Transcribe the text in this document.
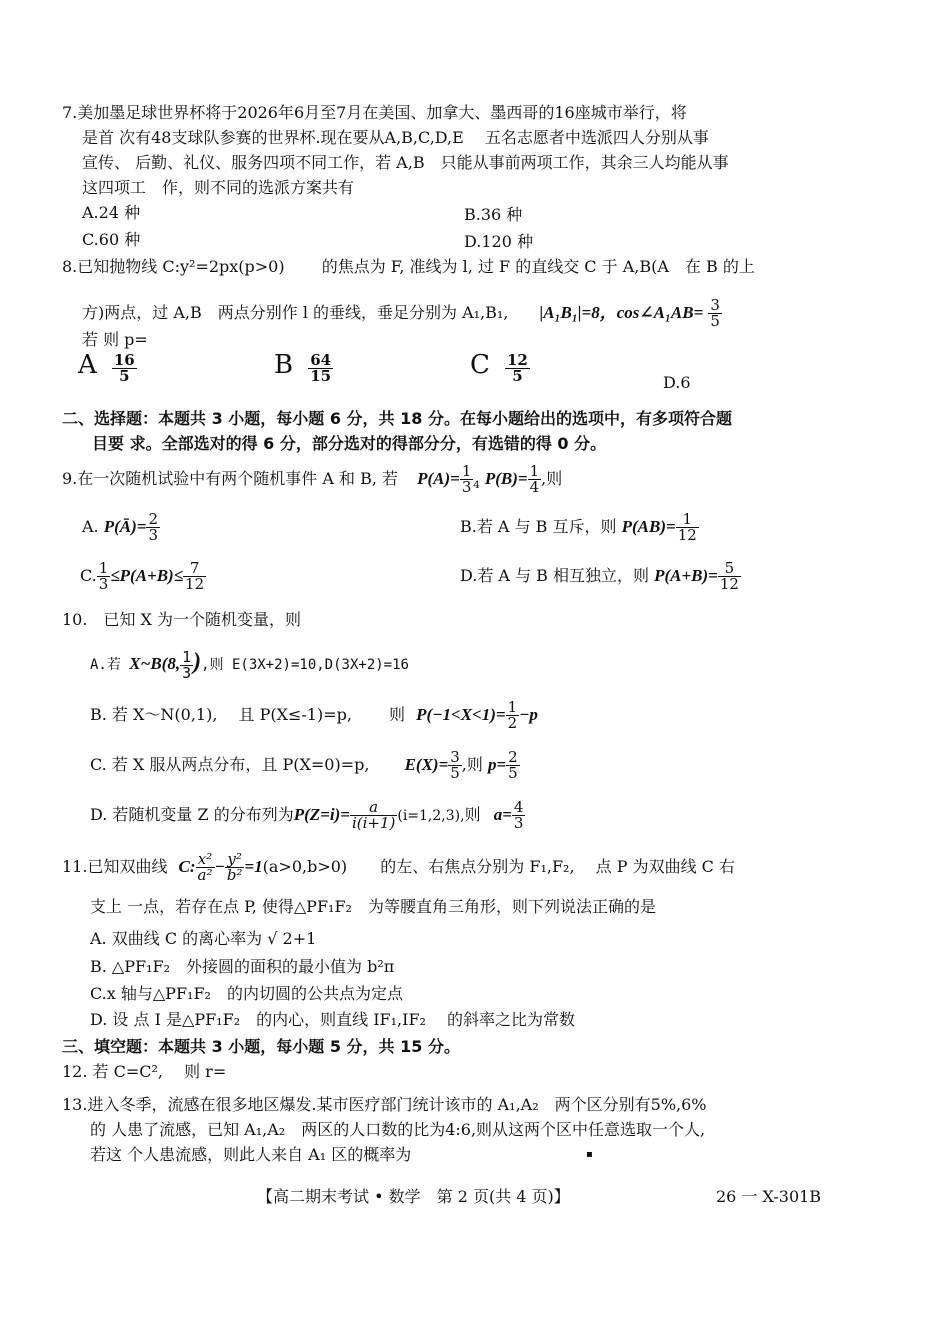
7.美加墨足球世界杯将于2026年6月至7月在美国、加拿大、墨西哥的16座城市举行，将
是首 次有48支球队参赛的世界杯.现在要从A,B,C,D,E　 五名志愿者中选派四人分别从事
宣传、 后勤、礼仪、服务四项不同工作，若 A,B　只能从事前两项工作，其余三人均能从事
这四项工　作，则不同的选派方案共有
A.24 种	B.36 种
C.60 种	D.120 种
8.已知抛物线 C:y²=2px(p>0)　　 的焦点为 F, 准线为 l, 过 F 的直线交 C 于 A,B(A　在 B 的上
方)两点，过 A,B　两点分别作 l 的垂线，垂足分别为 A₁,B₁, |A₁B₁|=8，cos∠A₁AB= $\frac{3}{5}$
若 则 p=
A $\frac{16}{5}$	B $\frac{64}{15}$	C $\frac{12}{5}$	D.6
二、选择题：本题共 3 小题，每小题 6 分，共 18 分。在每小题给出的选项中，有多项符合题
目要 求。全部选对的得 6 分，部分选对的得部分分，有选错的得 0 分。
9.在一次随机试验中有两个随机事件 A 和 B, 若 $P(A)= \frac{1}{3} _4$ $P(B)= \frac{1}{4}$ ,则
A. P(Ā)= $\frac{2}{3}$	B.若 A 与 B 互斥，则 $P(AB)= \frac{1}{12}$
C. $\frac{1}{3} \le P(A+B)\le \frac{7}{12}$	D.若 A 与 B 相互独立，则 $P(A+B)= \frac{5}{12}$
10.　已知 X 为一个随机变量，则
A.若 X~B(8, $\frac{1}{3}$ ),则 E(3X+2)=10,D(3X+2)=16
B. 若 X～N(0,1),　 且 P(X≤-1)=p,　　 则 $P(-1<X<1)= \frac{1}{2} -p$
C. 若 X 服从两点分布，且 P(X=0)=p, $E(X)= \frac{3}{5}$ ,则 $p= \frac{2}{5}$
D. 若随机变量 Z 的分布列为$P(Z=i)= \frac{a}{i(i+1)} (i=1,2,3)$,则 $a= \frac{4}{3}$
11.已知双曲线 C: $\frac{\text{x²}}{\text{a²}} - \frac{\text{y²}}{\text{b²}} =1(a>0,b>0)$ 的左、右焦点分别为 F₁,F₂,　 点 P 为双曲线 C 右
支上 一点，若存在点 P, 使得△PF₁F₂　为等腰直角三角形，则下列说法正确的是
A. 双曲线 C 的离心率为 √ 2+1
B. △PF₁F₂　外接圆的面积的最小值为 b²π
C.x 轴与△PF₁F₂　的内切圆的公共点为定点
D. 设 点 I 是△PF₁F₂　的内心，则直线 IF₁,IF₂　 的斜率之比为常数
三、填空题：本题共 3 小题，每小题 5 分，共 15 分。
12. 若 C=C²,　 则 r=
13.进入冬季，流感在很多地区爆发.某市医疗部门统计该市的 A₁,A₂　两个区分别有5%,6%
的 人患了流感，已知 A₁,A₂　两区的人口数的比为4:6,则从这两个区中任意选取一个人,
若这 个人患流感，则此人来自 A₁ 区的概率为	▪
【高二期末考试 • 数学　第 2 页(共 4 页)】	26 一 X-301B
